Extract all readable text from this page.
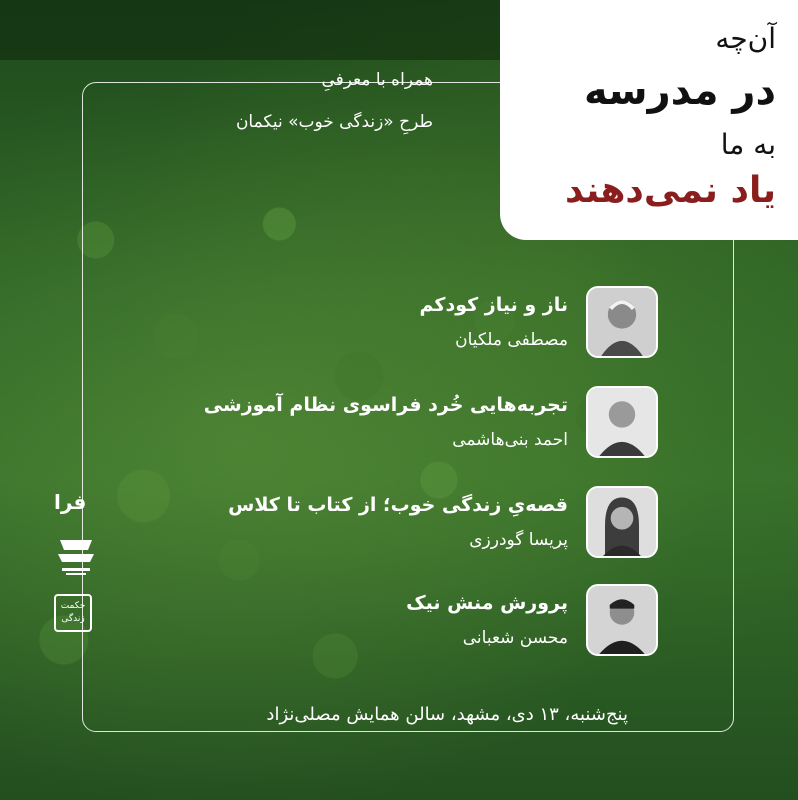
آن‌چه
در مدرسه
به ما
یاد نمی‌دهند
همراه با معرفیِ
طرحِ «زندگی خوب» نیکمان
ناز و نیاز کودکم
مصطفی ملکیان
تجربه‌هایی خُرد فراسوی نظام آموزشی
احمد بنی‌هاشمی
قصه‌یِ زندگی خوب؛ از کتاب تا کلاس
پریسا گودرزی
پرورش منش نیک
محسن شعبانی
پنج‌شنبه، ۱۳ دی، مشهد، سالن همایش مصلی‌نژاد
فرا
حکمت زندگی
